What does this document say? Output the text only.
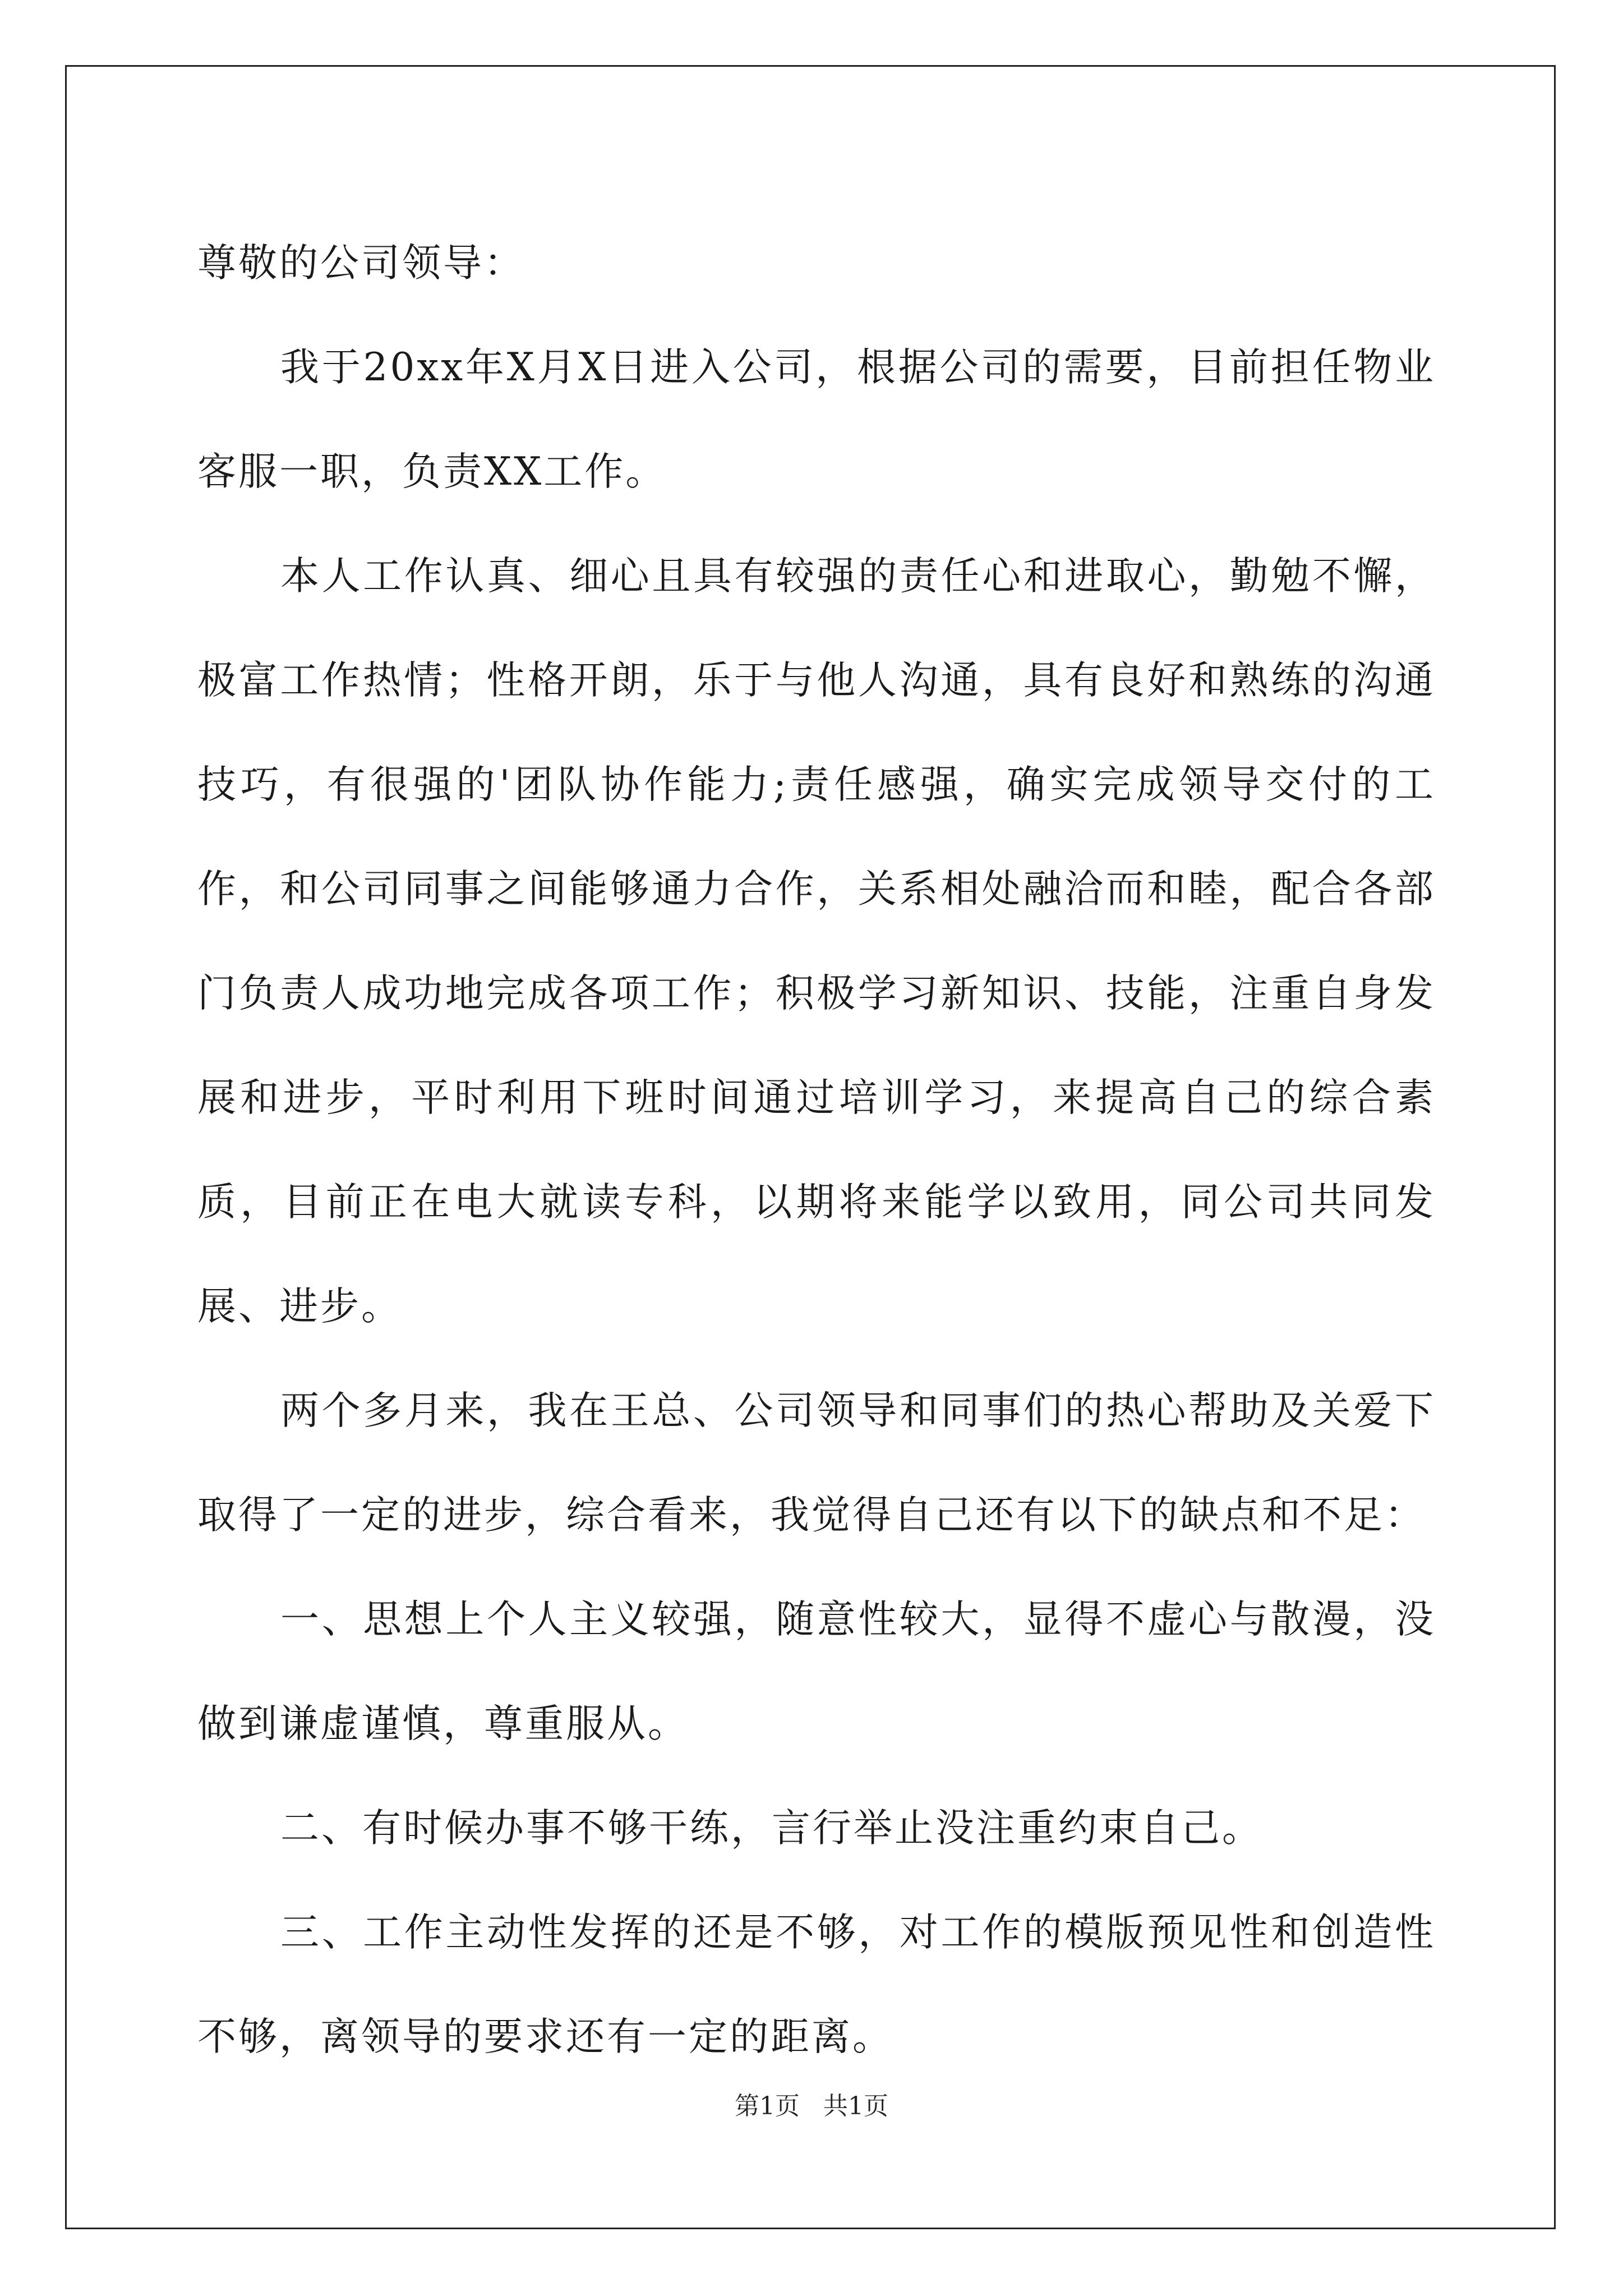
尊敬的公司领导：

我于20xx年X月X日进入公司，根据公司的需要，目前担任物业客服一职，负责XX工作。

本人工作认真、细心且具有较强的责任心和进取心，勤勉不懈，极富工作热情；性格开朗，乐于与他人沟通，具有良好和熟练的沟通技巧，有很强的'团队协作能力;责任感强，确实完成领导交付的工作，和公司同事之间能够通力合作，关系相处融洽而和睦，配合各部门负责人成功地完成各项工作；积极学习新知识、技能，注重自身发展和进步，平时利用下班时间通过培训学习，来提高自己的综合素质，目前正在电大就读专科，以期将来能学以致用，同公司共同发展、进步。

两个多月来，我在王总、公司领导和同事们的热心帮助及关爱下取得了一定的进步，综合看来，我觉得自己还有以下的缺点和不足：

一、思想上个人主义较强，随意性较大，显得不虚心与散漫，没做到谦虚谨慎，尊重服从。

二、有时候办事不够干练，言行举止没注重约束自己。

三、工作主动性发挥的还是不够，对工作的模版预见性和创造性不够，离领导的要求还有一定的距离。

第1页   共1页
